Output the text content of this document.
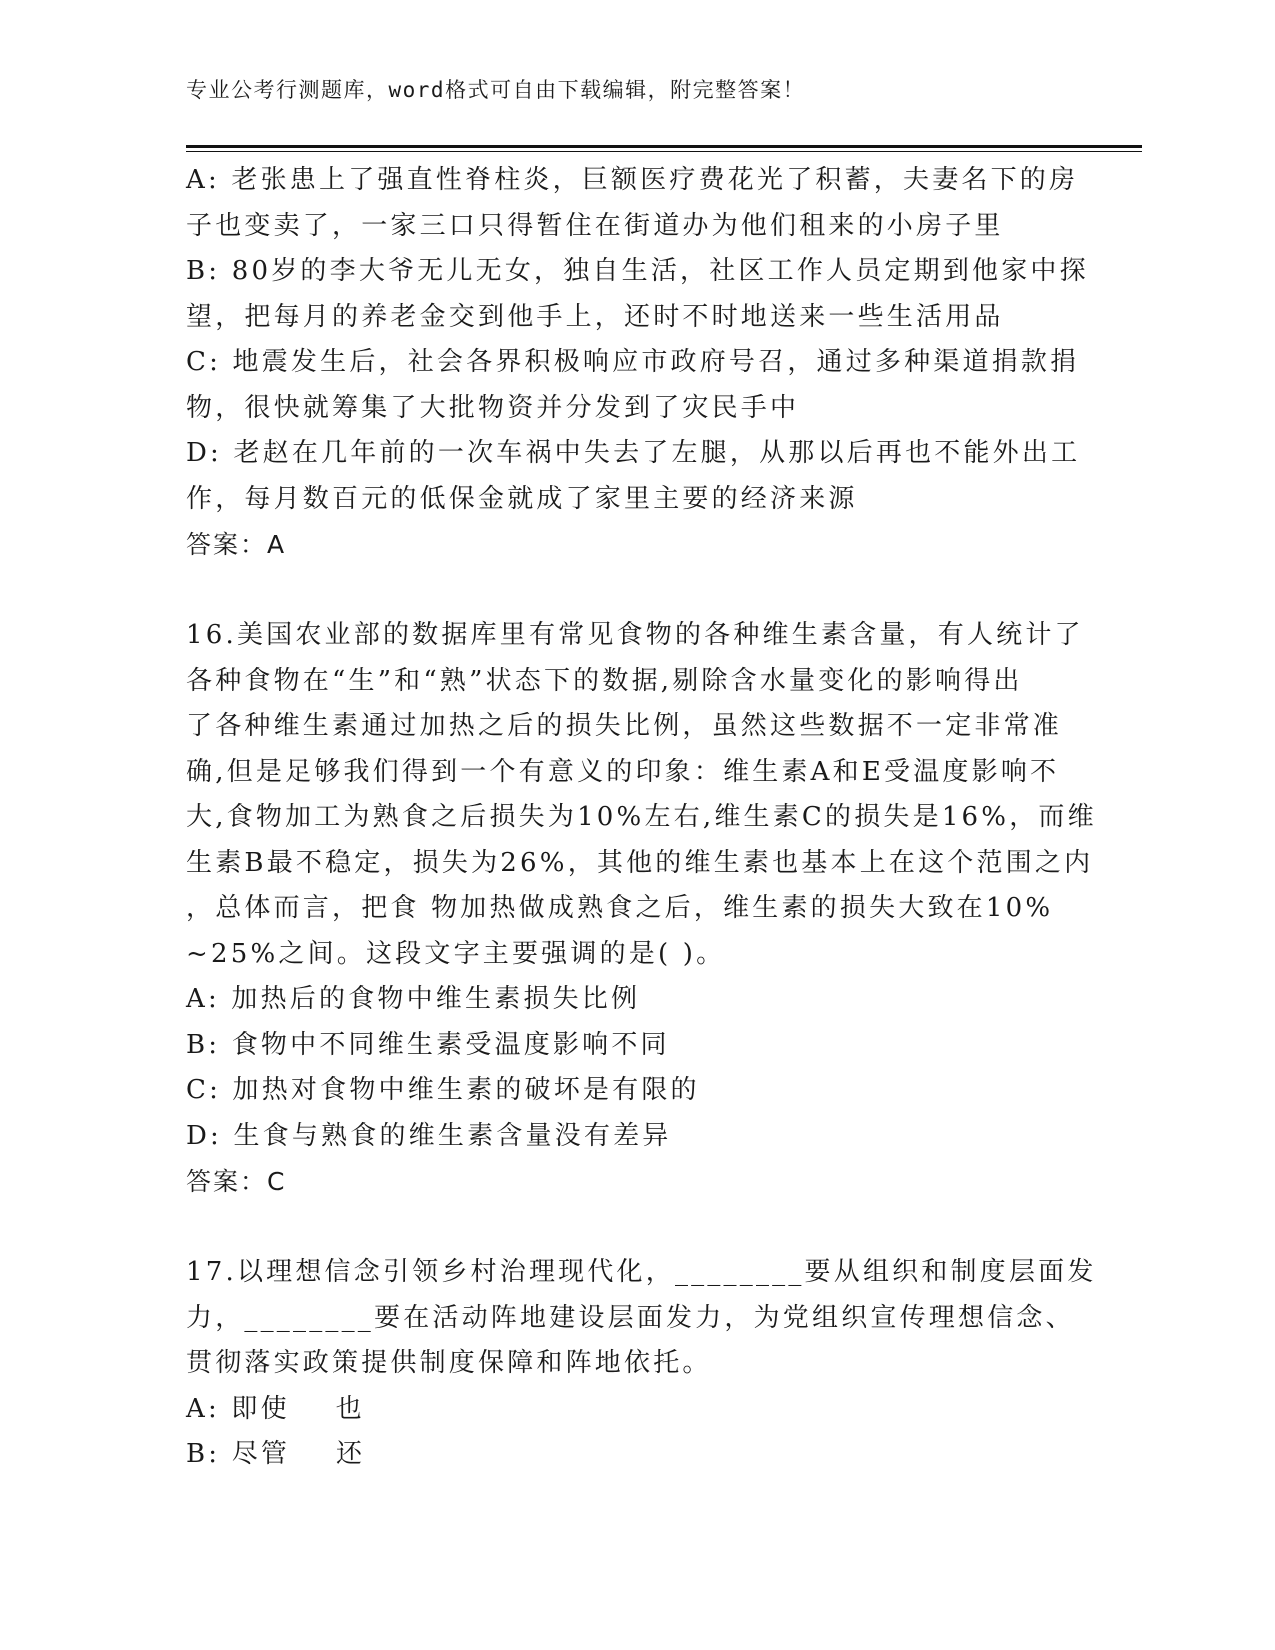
专业公考行测题库，word格式可自由下载编辑，附完整答案！
A: 老张患上了强直性脊柱炎，巨额医疗费花光了积蓄，夫妻名下的房
子也变卖了，一家三口只得暂住在街道办为他们租来的小房子里
B: 80岁的李大爷无儿无女，独自生活，社区工作人员定期到他家中探
望，把每月的养老金交到他手上，还时不时地送来一些生活用品
C: 地震发生后，社会各界积极响应市政府号召，通过多种渠道捐款捐
物，很快就筹集了大批物资并分发到了灾民手中
D: 老赵在几年前的一次车祸中失去了左腿，从那以后再也不能外出工
作，每月数百元的低保金就成了家里主要的经济来源
答案：A
16.美国农业部的数据库里有常见食物的各种维生素含量，有人统计了
各种食物在“生”和“熟”状态下的数据,剔除含水量变化的影响得出
了各种维生素通过加热之后的损失比例，虽然这些数据不一定非常准
确,但是足够我们得到一个有意义的印象：维生素A和E受温度影响不
大,食物加工为熟食之后损失为10%左右,维生素C的损失是16%，而维
生素B最不稳定，损失为26%，其他的维生素也基本上在这个范围之内
，总体而言，把食 物加热做成熟食之后，维生素的损失大致在10%
~25%之间。这段文字主要强调的是( )。
A: 加热后的食物中维生素损失比例
B: 食物中不同维生素受温度影响不同
C: 加热对食物中维生素的破坏是有限的
D: 生食与熟食的维生素含量没有差异
答案：C
17.以理想信念引领乡村治理现代化，________要从组织和制度层面发
力，________要在活动阵地建设层面发力，为党组织宣传理想信念、
贯彻落实政策提供制度保障和阵地依托。
A: 即使    也
B: 尽管    还
